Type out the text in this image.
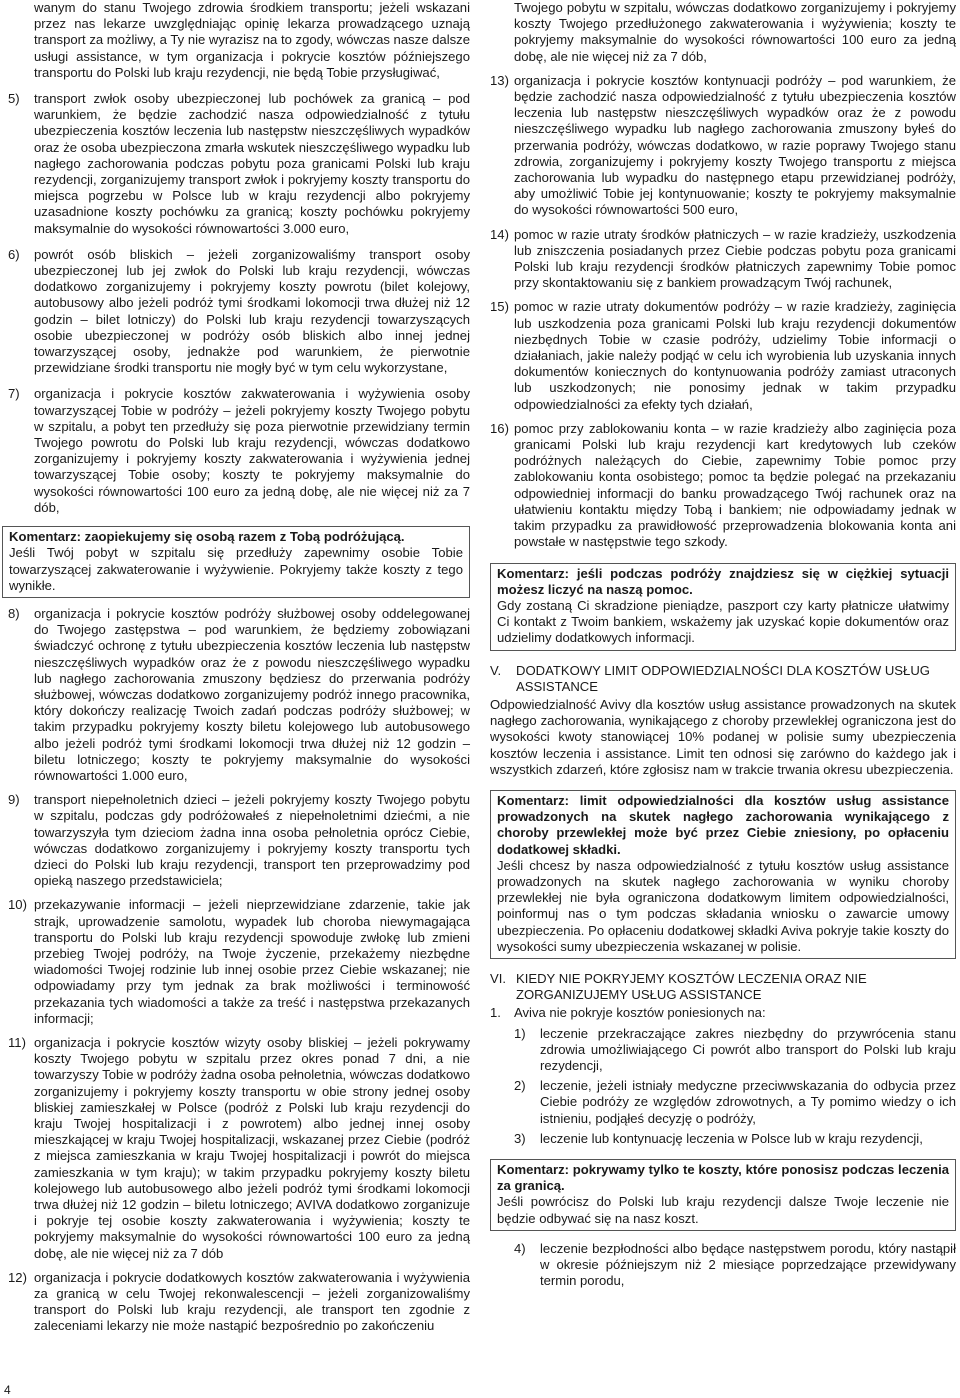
wanym do stanu Twojego zdrowia środkiem transportu; jeżeli wskazani przez nas lekarze uwzględniając opinię lekarza prowadzącego uznają transport za możliwy, a Ty nie wyrazisz na to zgody, wówczas nasze dalsze usługi assistance, w tym organizacja i pokrycie kosztów późniejszego transportu do Polski lub kraju rezydencji, nie będą Tobie przysługiwać,

5)	transport zwłok osoby ubezpieczonej lub pochówek za granicą – pod warunkiem, że będzie zachodzić nasza odpowiedzialność z tytułu ubezpieczenia kosztów leczenia lub następstw nieszczęśliwych wypadków oraz że osoba ubezpieczona zmarła wskutek nieszczęśliwego wypadku lub nagłego zachorowania podczas pobytu poza granicami Polski lub kraju rezydencji, zorganizujemy transport zwłok i pokryjemy koszty transportu do miejsca pogrzebu w Polsce lub w kraju rezydencji albo pokryjemy uzasadnione koszty pochówku za granicą; koszty pochówku pokryjemy maksymalnie do wysokości równowartości 3.000 euro,
6)	powrót osób bliskich – jeżeli zorganizowaliśmy transport osoby ubezpieczonej lub jej zwłok do Polski lub kraju rezydencji, wówczas dodatkowo zorganizujemy i pokryjemy koszty powrotu (bilet kolejowy, autobusowy albo jeżeli podróż tymi środkami lokomocji trwa dłużej niż 12 godzin – bilet lotniczy) do Polski lub kraju rezydencji towarzyszących osobie ubezpieczonej w podróży osób bliskich albo innej jednej towarzyszącej osoby, jednakże pod warunkiem, że pierwotnie przewidziane środki transportu nie mogły być w tym celu wykorzystane,
7)	organizacja i pokrycie kosztów zakwaterowania i wyżywienia osoby towarzyszącej Tobie w podróży – jeżeli pokryjemy koszty Twojego pobytu w szpitalu, a pobyt ten przedłuży się poza pierwotnie przewidziany termin Twojego powrotu do Polski lub kraju rezydencji, wówczas dodatkowo zorganizujemy i pokryjemy koszty zakwaterowania i wyżywienia jednej towarzyszącej Tobie osoby; koszty te pokryjemy maksymalnie do wysokości równowartości 100 euro za jedną dobę, ale nie więcej niż za 7 dób,

Komentarz: zaopiekujemy się osobą razem z Tobą podróżującą.

Jeśli Twój pobyt w szpitalu się przedłuży zapewnimy osobie Tobie towarzyszącej zakwaterowanie i wyżywienie. Pokryjemy także koszty z tego wynikłe.

8)	organizacja i pokrycie kosztów podróży służbowej osoby oddelegowanej do Twojego zastępstwa – pod warunkiem, że będziemy zobowiązani świadczyć ochronę z tytułu ubezpieczenia kosztów leczenia lub następstw nieszczęśliwych wypadków oraz że z powodu nieszczęśliwego wypadku lub nagłego zachorowania zmuszony będziesz do przerwania podróży służbowej, wówczas dodatkowo zorganizujemy podróż innego pracownika, który dokończy realizację Twoich zadań podczas podróży służbowej; w takim przypadku pokryjemy koszty biletu kolejowego lub autobusowego albo jeżeli podróż tymi środkami lokomocji trwa dłużej niż 12 godzin – biletu lotniczego; koszty te pokryjemy maksymalnie do wysokości równowartości 1.000 euro,
9)	transport niepełnoletnich dzieci – jeżeli pokryjemy koszty Twojego pobytu w szpitalu, podczas gdy podróżowałeś z niepełnoletnimi dziećmi, a nie towarzyszyła tym dzieciom żadna inna osoba pełnoletnia oprócz Ciebie, wówczas dodatkowo zorganizujemy i pokryjemy koszty transportu tych dzieci do Polski lub kraju rezydencji, transport ten przeprowadzimy pod opieką naszego przedstawiciela;
10) przekazywanie informacji – jeżeli nieprzewidziane zdarzenie, takie jak strajk, uprowadzenie samolotu, wypadek lub choroba niewymagająca transportu do Polski lub kraju rezydencji spowoduje zwłokę lub zmieni przebieg Twojej podróży, na Twoje życzenie, przekażemy niezbędne wiadomości Twojej rodzinie lub innej osobie przez Ciebie wskazanej; nie odpowiadamy przy tym jednak za brak możliwości i terminowość przekazania tych wiadomości a także za treść i następstwa przekazanych informacji;
11) organizacja i pokrycie kosztów wizyty osoby bliskiej – jeżeli pokrywamy koszty Twojego pobytu w szpitalu przez okres ponad 7 dni, a nie towarzyszy Tobie w podróży żadna osoba pełnoletnia, wówczas dodatkowo zorganizujemy i pokryjemy koszty transportu w obie strony jednej osoby bliskiej zamieszkałej w Polsce (podróż z Polski lub kraju rezydencji do kraju Twojej hospitalizacji i z powrotem) albo jednej innej osoby mieszkającej w kraju Twojej hospitalizacji, wskazanej przez Ciebie (podróż z miejsca zamieszkania w kraju Twojej hospitalizacji i powrót do miejsca zamieszkania w tym kraju); w takim przypadku pokryjemy koszty biletu kolejowego lub autobusowego albo jeżeli podróż tymi środkami lokomocji trwa dłużej niż 12 godzin – biletu lotniczego; AVIVA dodatkowo zorganizuje i pokryje tej osobie koszty zakwaterowania i wyżywienia; koszty te pokryjemy maksymalnie do wysokości równowartości 100 euro za jedną dobę, ale nie więcej niż za 7 dób
12) organizacja i pokrycie dodatkowych kosztów zakwaterowania i wyżywienia za granicą w celu Twojej rekonwalescencji – jeżeli zorganizowaliśmy transport do Polski lub kraju rezydencji, ale transport ten zgodnie z zaleceniami lekarzy nie może nastąpić bezpośrednio po zakończeniu

Twojego pobytu w szpitalu, wówczas dodatkowo zorganizujemy i pokryjemy koszty Twojego przedłużonego zakwaterowania i wyżywienia; koszty te pokryjemy maksymalnie do wysokości równowartości 100 euro za jedną dobę, ale nie więcej niż za 7 dób,

13) organizacja i pokrycie kosztów kontynuacji podróży – pod warunkiem, że będzie zachodzić nasza odpowiedzialność z tytułu ubezpieczenia kosztów leczenia lub następstw nieszczęśliwych wypadków oraz że z powodu nieszczęśliwego wypadku lub nagłego zachorowania zmuszony byłeś do przerwania podróży, wówczas dodatkowo, w razie poprawy Twojego stanu zdrowia, zorganizujemy i pokryjemy koszty Twojego transportu z miejsca zachorowania lub wypadku do następnego etapu przewidzianej podróży, aby umożliwić Tobie jej kontynuowanie; koszty te pokryjemy maksymalnie do wysokości równowartości 500 euro,
14) pomoc w razie utraty środków płatniczych – w razie kradzieży, uszkodzenia lub zniszczenia posiadanych przez Ciebie podczas pobytu poza granicami Polski lub kraju rezydencji środków płatniczych zapewnimy Tobie pomoc przy skontaktowaniu się z bankiem prowadzącym Twój rachunek,
15) pomoc w razie utraty dokumentów podróży – w razie kradzieży, zaginięcia lub uszkodzenia poza granicami Polski lub kraju rezydencji dokumentów niezbędnych Tobie w czasie podróży, udzielimy Tobie informacji o działaniach, jakie należy podjąć w celu ich wyrobienia lub uzyskania innych dokumentów koniecznych do kontynuowania podróży zamiast utraconych lub uszkodzonych; nie ponosimy jednak w takim przypadku odpowiedzialności za efekty tych działań,
16) pomoc przy zablokowaniu konta – w razie kradzieży albo zaginięcia poza granicami Polski lub kraju rezydencji kart kredytowych lub czeków podróżnych należących do Ciebie, zapewnimy Tobie pomoc przy zablokowaniu konta osobistego; pomoc ta będzie polegać na przekazaniu odpowiedniej informacji do banku prowadzącego Twój rachunek oraz na ułatwieniu kontaktu między Tobą i bankiem; nie odpowiadamy jednak w takim przypadku za prawidłowość przeprowadzenia blokowania konta ani powstałe w następstwie tego szkody.

Komentarz: jeśli podczas podróży znajdziesz się w ciężkiej sytuacji możesz liczyć na naszą pomoc.

Gdy zostaną Ci skradzione pieniądze, paszport czy karty płatnicze ułatwimy Ci kontakt z Twoim bankiem, wskażemy jak uzyskać kopie dokumentów oraz udzielimy dodatkowych informacji.

V.	DODATKOWY LIMIT ODPOWIEDZIALNOŚCI DLA KOSZTÓW USŁUG ASSISTANCE

Odpowiedzialność Avivy dla kosztów usług assistance prowadzonych na skutek nagłego zachorowania, wynikającego z choroby przewlekłej ograniczona jest do wysokości kwoty stanowiącej 10% podanej w polisie sumy ubezpieczenia kosztów leczenia i assistance. Limit ten odnosi się zarówno do każdego jak i wszystkich zdarzeń, które zgłosisz nam w trakcie trwania okresu ubezpieczenia.

Komentarz: limit odpowiedzialności dla kosztów usług assistance prowadzonych na skutek nagłego zachorowania wynikającego z choroby przewlekłej może być przez Ciebie zniesiony, po opłaceniu dodatkowej składki.

Jeśli chcesz by nasza odpowiedzialność z tytułu kosztów usług assistance prowadzonych na skutek nagłego zachorowania w wyniku choroby przewlekłej nie była ograniczona dodatkowym limitem odpowiedzialności, poinformuj nas o tym podczas składania wniosku o zawarcie umowy ubezpieczenia. Po opłaceniu dodatkowej składki Aviva pokryje takie koszty do wysokości sumy ubezpieczenia wskazanej w polisie.

VI. KIEDY NIE POKRYJEMY KOSZTÓW LECZENIA ORAZ NIE ZORGANIZUJEMY USŁUG ASSISTANCE
1. Aviva nie pokryje kosztów poniesionych na:
1)	leczenie przekraczające zakres niezbędny do przywrócenia stanu zdrowia umożliwiającego Ci powrót albo transport do Polski lub kraju rezydencji,
2)	leczenie, jeżeli istniały medyczne przeciwwskazania do odbycia przez Ciebie podróży ze względów zdrowotnych, a Ty pomimo wiedzy o ich istnieniu, podjąłeś decyzję o podróży,
3)	leczenie lub kontynuację leczenia w Polsce lub w kraju rezydencji,

Komentarz: pokrywamy tylko te koszty, które ponosisz podczas leczenia za granicą.

Jeśli powrócisz do Polski lub kraju rezydencji dalsze Twoje leczenie nie będzie odbywać się na nasz koszt.

4)	leczenie bezpłodności albo będące następstwem porodu, który nastąpił w okresie późniejszym niż 2 miesiące poprzedzające przewidywany termin porodu,
4
